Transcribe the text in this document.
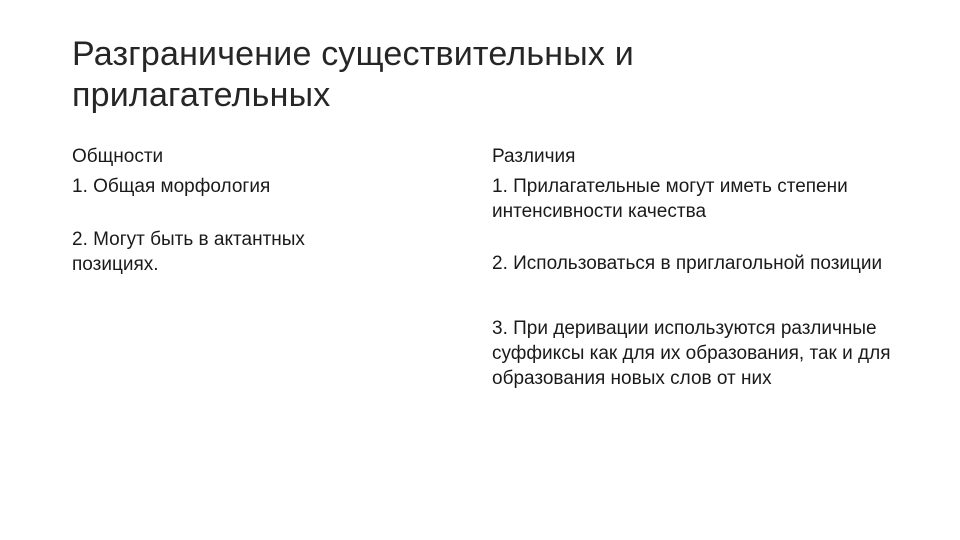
Разграничение существительных и прилагательных
Общности
1. Общая морфология
2. Могут быть в актантных позициях.
Различия
1. Прилагательные могут иметь степени интенсивности качества
2. Использоваться в приглагольной позиции
3. При деривации используются различные суффиксы как для их образования, так и для образования новых слов от них
